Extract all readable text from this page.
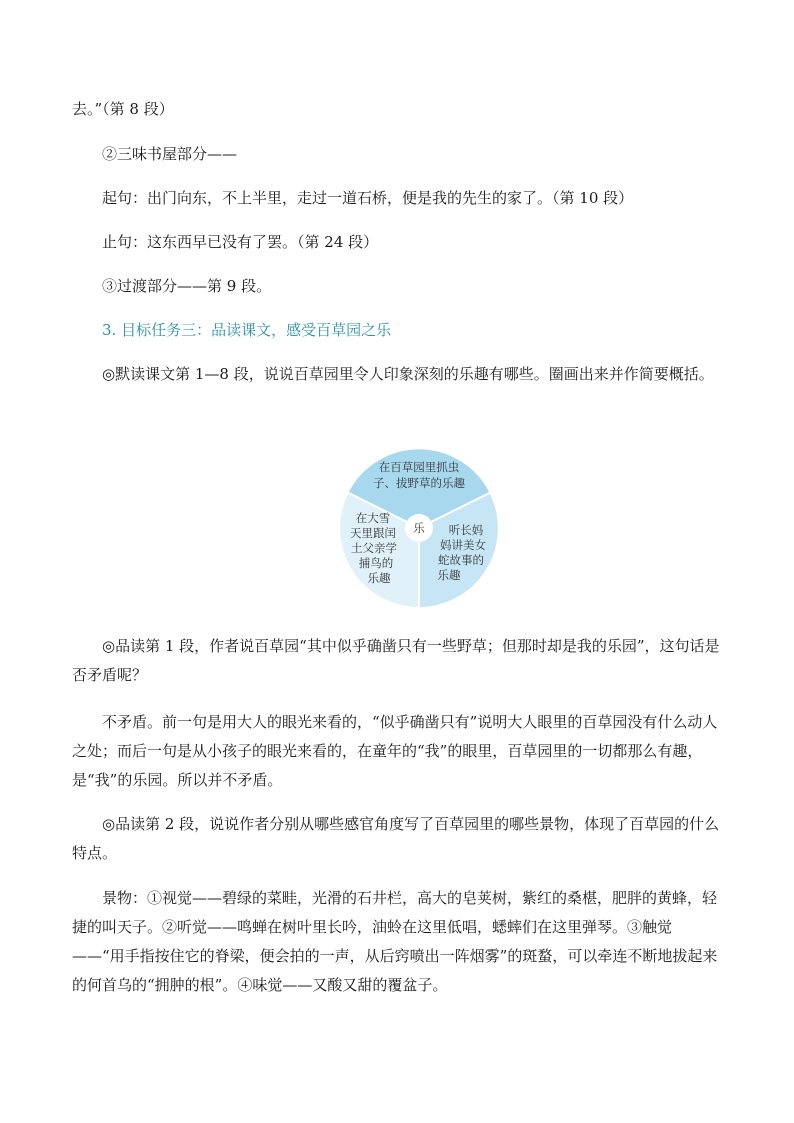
去。”（第 8 段）

②三味书屋部分——

起句：出门向东，不上半里，走过一道石桥，便是我的先生的家了。（第 10 段）

止句：这东西早已没有了罢。（第 24 段）

③过渡部分——第 9 段。

3. 目标任务三：品读课文，感受百草园之乐

◎默读课文第 1—8 段，说说百草园里令人印象深刻的乐趣有哪些。圈画出来并作简要概括。

乐
在百草园里抓虫
子、拔野草的乐趣
听长妈
妈讲美女
蛇故事的
乐趣
在大雪
天里跟闰
土父亲学
捕鸟的
乐趣

◎品读第 1 段，作者说百草园“其中似乎确凿只有一些野草；但那时却是我的乐园”，这句话是否矛盾呢？

不矛盾。前一句是用大人的眼光来看的，“似乎确凿只有”说明大人眼里的百草园没有什么动人之处；而后一句是从小孩子的眼光来看的，在童年的“我”的眼里，百草园里的一切都那么有趣，是“我”的乐园。所以并不矛盾。

◎品读第 2 段，说说作者分别从哪些感官角度写了百草园里的哪些景物，体现了百草园的什么特点。

景物：①视觉——碧绿的菜畦，光滑的石井栏，高大的皂荚树，紫红的桑椹，肥胖的黄蜂，轻捷的叫天子。②听觉——鸣蝉在树叶里长吟，油蛉在这里低唱，蟋蟀们在这里弹琴。③触觉——“用手指按住它的脊梁，便会拍的一声，从后窍喷出一阵烟雾”的斑蝥，可以牵连不断地拔起来的何首乌的“拥肿的根”。④味觉——又酸又甜的覆盆子。
